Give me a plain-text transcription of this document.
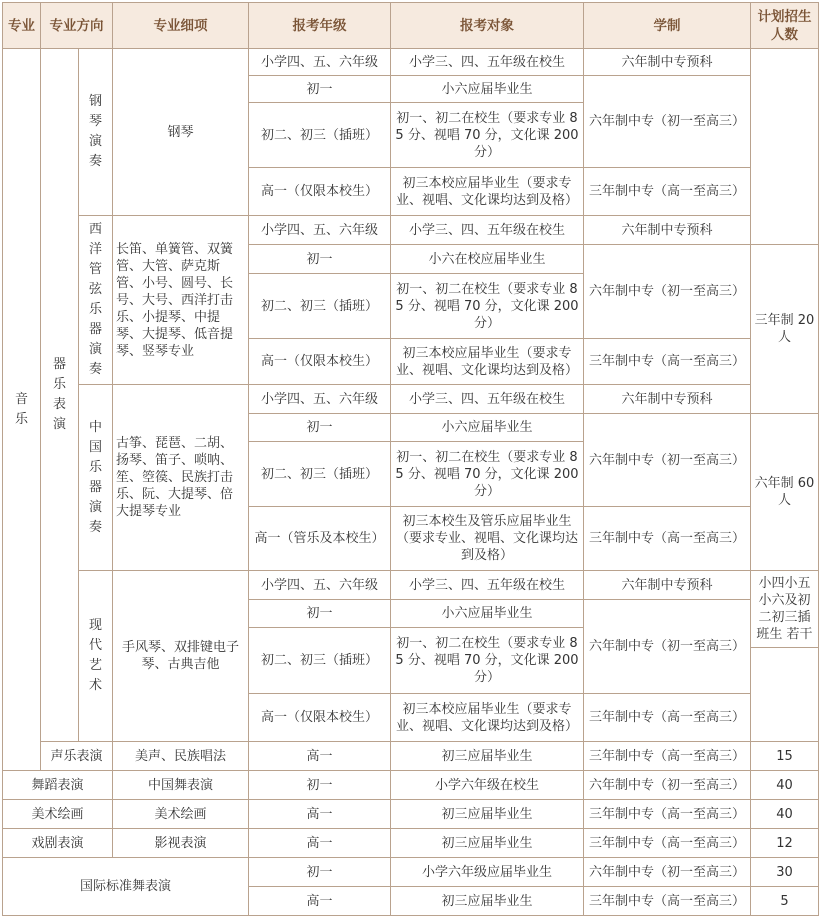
专业	专业方向		专业细项	报考年级	报考对象	学制	计划招生人数
音乐	器乐表演	钢琴演奏	钢琴	小学四、五、六年级	小学三、四、五年级在校生	六年制中专预科	
				初一	小六应届毕业生	六年制中专（初一至高三）	
				初二、初三（插班）	初一、初二在校生（要求专业 85 分、视唱 70 分，文化课 200 分）		

				高一（仅限本校生）	初三本校应届毕业生（要求专业、视唱、文化课均达到及格）	三年制中专（高一至高三）	
		西洋管弦乐器演奏	长笛、单簧管、双簧管、大管、萨克斯管、小号、圆号、长号、大号、西洋打击乐、小提琴、中提琴、大提琴、低音提琴、竖琴专业	小学四、五、六年级	小学三、四、五年级在校生	六年制中专预科	
				初一	小六在校应届毕业生	六年制中专（初一至高三）	三年制 20 人
				初二、初三（插班）	初一、初二在校生（要求专业 85 分、视唱 70 分，文化课 200 分）		

				高一（仅限本校生）	初三本校应届毕业生（要求专业、视唱、文化课均达到及格）	三年制中专（高一至高三）	
		中国乐器演奏	古筝、琵琶、二胡、扬琴、笛子、唢呐、笙、箜篌、民族打击乐、阮、大提琴、倍大提琴专业	小学四、五、六年级	小学三、四、五年级在校生	六年制中专预科	
				初一	小六应届毕业生	六年制中专（初一至高三）	六年制 60 人
				初二、初三（插班）	初一、初二在校生（要求专业 85 分、视唱 70 分，文化课 200 分）		

				高一（管乐及本校生）	初三本校生及管乐应届毕业生（要求专业、视唱、文化课均达到及格）	三年制中专（高一至高三）	
		现代艺术	手风琴、双排键电子琴、古典吉他	小学四、五、六年级	小学三、四、五年级在校生	六年制中专预科	小四小五小六及初二初三插班生 若干
				初一	小六应届毕业生	六年制中专（初一至高三）	
				初二、初三（插班）	初一、初二在校生（要求专业 85 分、视唱 70 分，文化课 200 分）		

				高一（仅限本校生）	初三本校应届毕业生（要求专业、视唱、文化课均达到及格）	三年制中专（高一至高三）	

	声乐表演		美声、民族唱法	高一	初三应届毕业生	三年制中专（高一至高三）	15
舞蹈表演			中国舞表演	初一	小学六年级在校生	六年制中专（初一至高三）	40
美术绘画			美术绘画	高一	初三应届毕业生	三年制中专（高一至高三）	40
戏剧表演			影视表演	高一	初三应届毕业生	三年制中专（高一至高三）	12
国际标准舞表演				初一	小学六年级应届毕业生	六年制中专（初一至高三）	30
				高一	初三应届毕业生	三年制中专（高一至高三）	5
